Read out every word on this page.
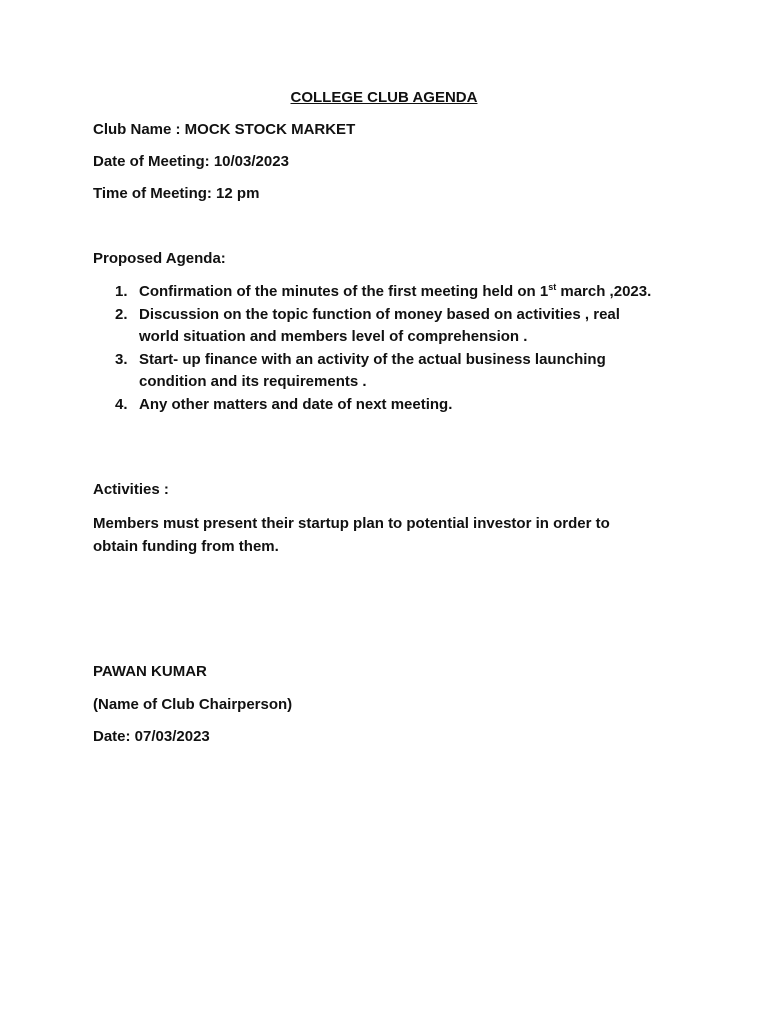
COLLEGE CLUB AGENDA
Club Name : MOCK STOCK MARKET
Date of Meeting: 10/03/2023
Time of Meeting: 12 pm
Proposed Agenda:
1. Confirmation of the minutes of the first meeting held on 1st march ,2023.
2. Discussion on the topic function of money based on activities , real world situation and members level of comprehension .
3. Start- up finance with an activity of the actual business launching condition and its requirements .
4. Any other matters and date of next meeting.
Activities :
Members must present their startup plan to potential investor in order to obtain funding from them.
PAWAN KUMAR
(Name of Club Chairperson)
Date: 07/03/2023
